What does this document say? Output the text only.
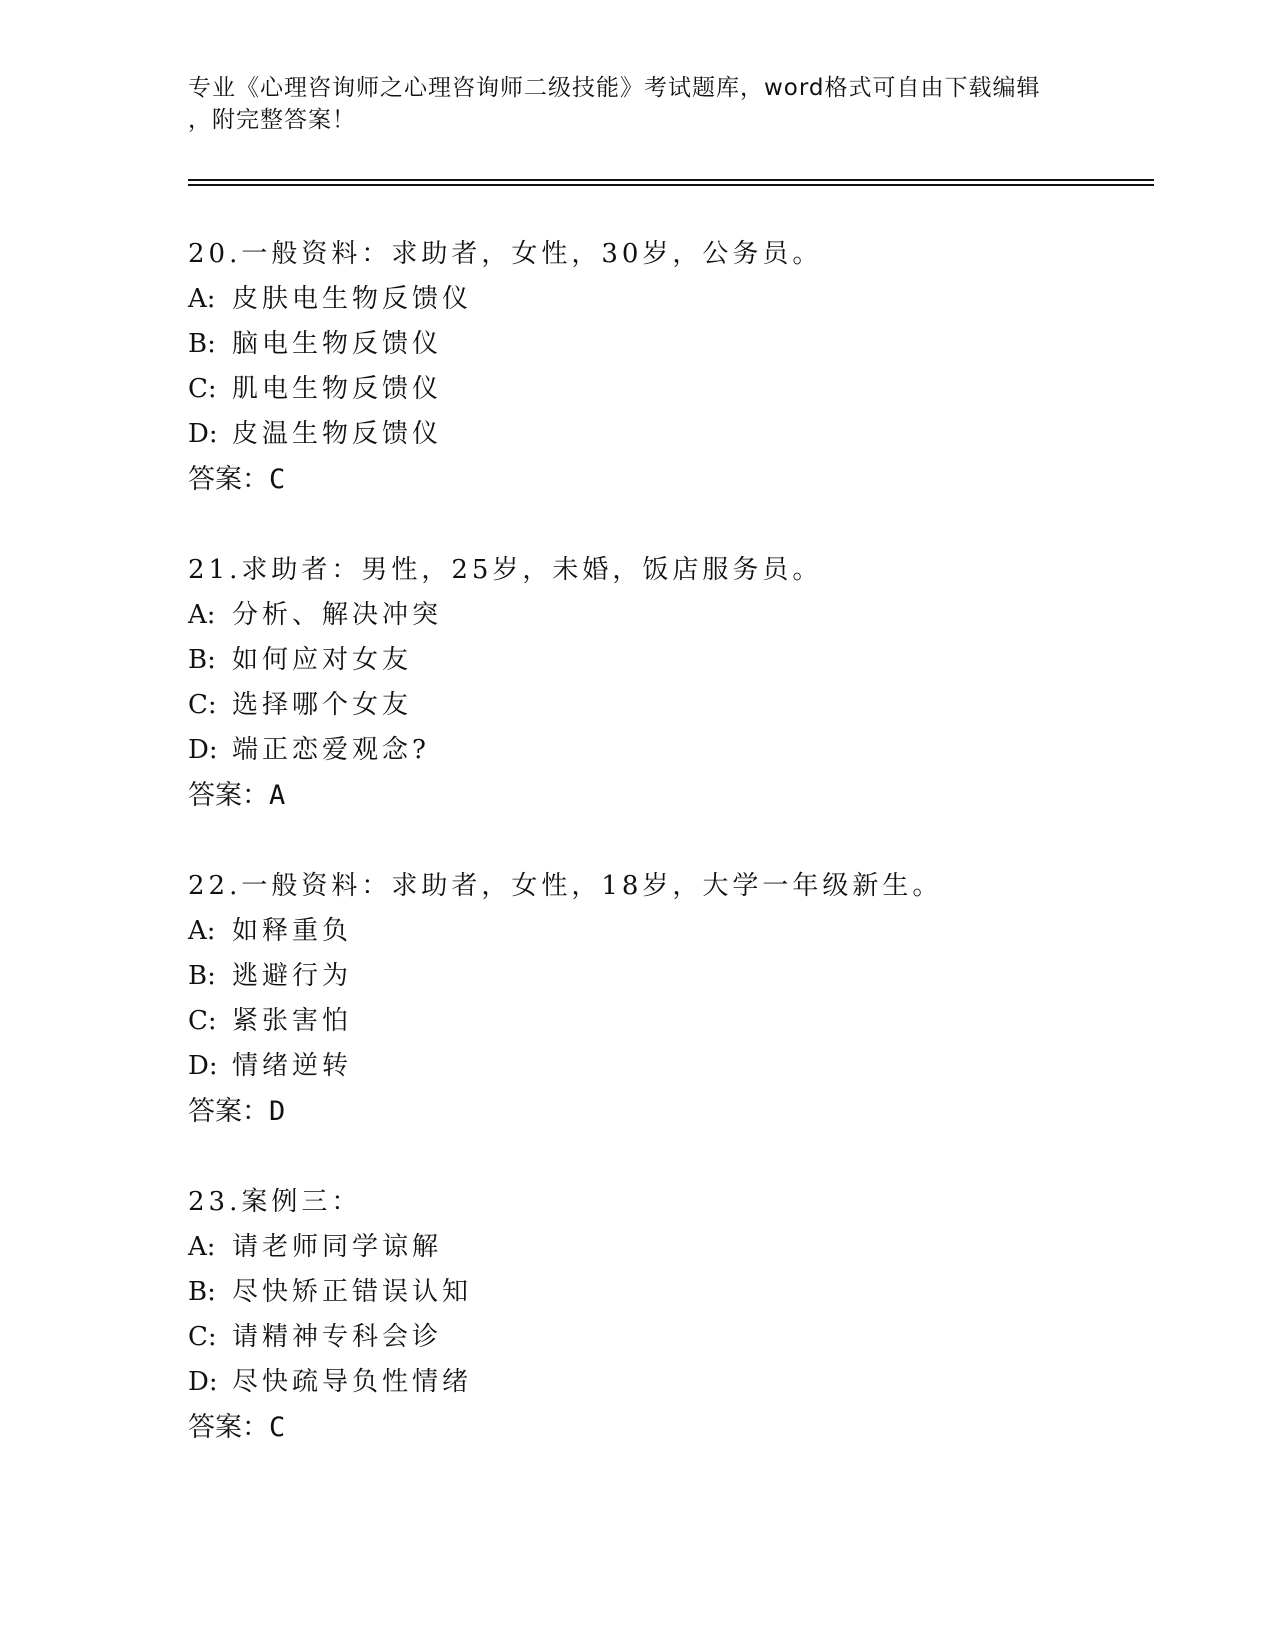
专业《心理咨询师之心理咨询师二级技能》考试题库，word格式可自由下载编辑
，附完整答案！
20.一般资料：求助者，女性，30岁，公务员。
A: 皮肤电生物反馈仪
B: 脑电生物反馈仪
C: 肌电生物反馈仪
D: 皮温生物反馈仪
答案：C
21.求助者：男性，25岁，未婚，饭店服务员。
A: 分析、解决冲突
B: 如何应对女友
C: 选择哪个女友
D: 端正恋爱观念?
答案：A
22.一般资料：求助者，女性，18岁，大学一年级新生。
A: 如释重负
B: 逃避行为
C: 紧张害怕
D: 情绪逆转
答案：D
23.案例三：
A: 请老师同学谅解
B: 尽快矫正错误认知
C: 请精神专科会诊
D: 尽快疏导负性情绪
答案：C
